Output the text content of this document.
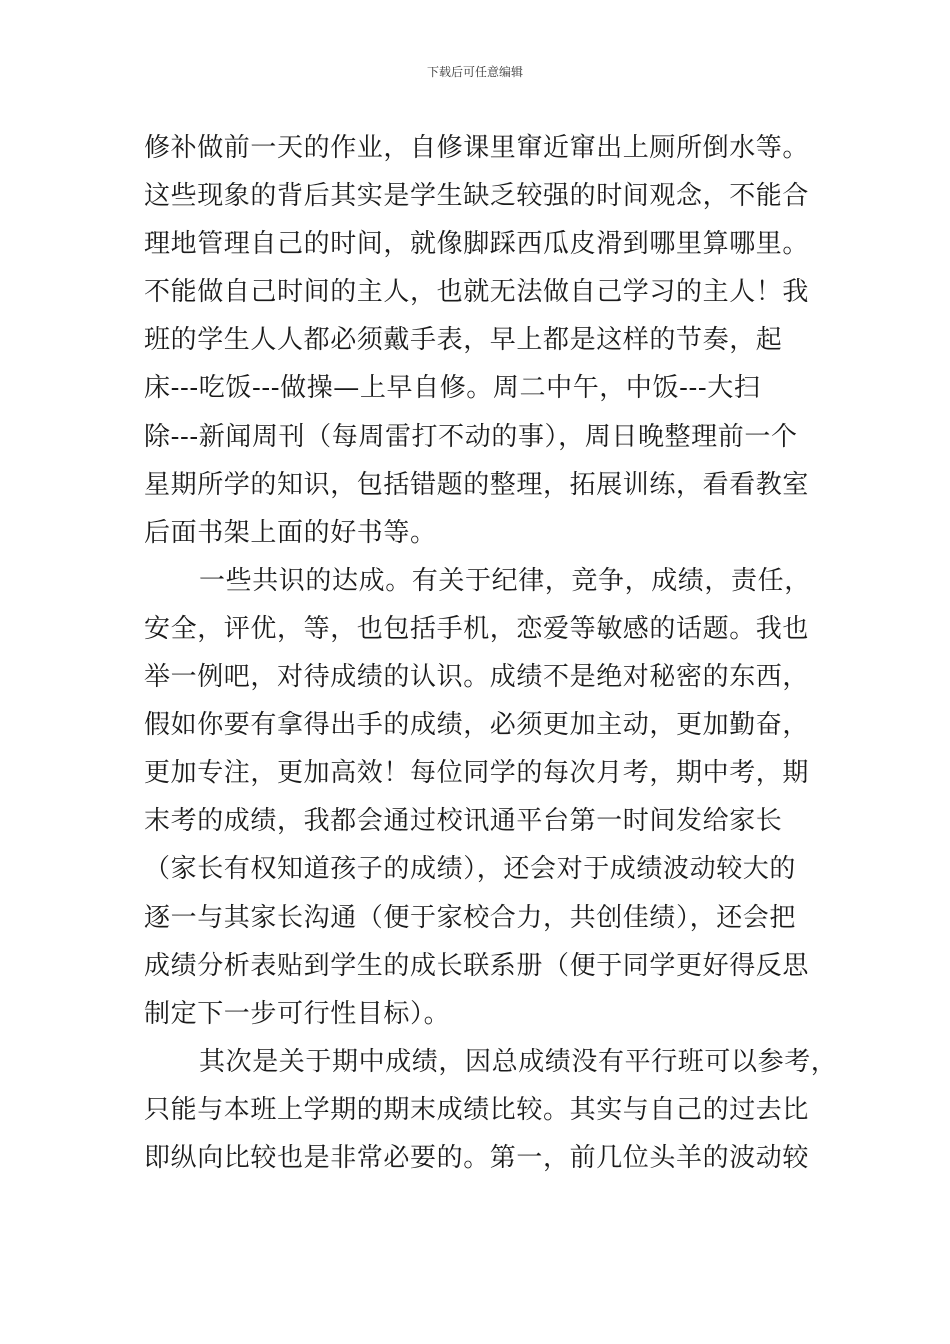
下载后可任意编辑
修补做前一天的作业，自修课里窜近窜出上厕所倒水等。
这些现象的背后其实是学生缺乏较强的时间观念，不能合
理地管理自己的时间，就像脚踩西瓜皮滑到哪里算哪里。
不能做自己时间的主人，也就无法做自己学习的主人！我
班的学生人人都必须戴手表，早上都是这样的节奏，起
床---吃饭---做操—上早自修。周二中午，中饭---大扫
除---新闻周刊（每周雷打不动的事），周日晚整理前一个
星期所学的知识，包括错题的整理，拓展训练，看看教室
后面书架上面的好书等。
一些共识的达成。有关于纪律，竞争，成绩，责任，
安全，评优，等，也包括手机，恋爱等敏感的话题。我也
举一例吧，对待成绩的认识。成绩不是绝对秘密的东西，
假如你要有拿得出手的成绩，必须更加主动，更加勤奋，
更加专注，更加高效！每位同学的每次月考，期中考，期
末考的成绩，我都会通过校讯通平台第一时间发给家长
（家长有权知道孩子的成绩），还会对于成绩波动较大的
逐一与其家长沟通（便于家校合力，共创佳绩），还会把
成绩分析表贴到学生的成长联系册（便于同学更好得反思
制定下一步可行性目标）。
其次是关于期中成绩，因总成绩没有平行班可以参考，
只能与本班上学期的期末成绩比较。其实与自己的过去比
即纵向比较也是非常必要的。第一，前几位头羊的波动较
